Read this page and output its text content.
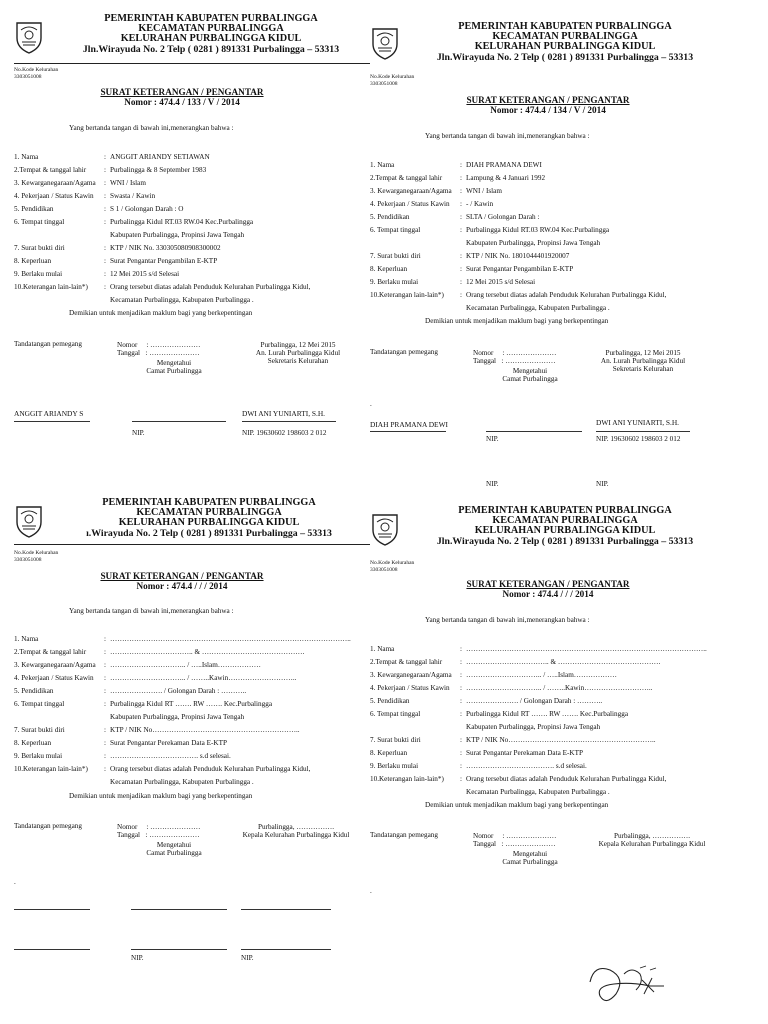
PEMERINTAH KABUPATEN PURBALINGGA
KECAMATAN PURBALINGGA
KELURAHAN PURBALINGGA KIDUL
Jln.Wirayuda No. 2 Telp ( 0281 ) 891331 Purbalingga – 53313
No.Kode Kelurahan
3303051008
SURAT KETERANGAN / PENGANTAR
Nomor : 474.4 / 133 / V / 2014
Yang bertanda tangan di bawah ini,menerangkan bahwa :
1. Nama	: ANGGIT ARIANDY SETIAWAN
2.Tempat & tanggal lahir	: Purbalingga & 8 September 1983
3. Kewarganegaraan/Agama	: WNI / Islam
4. Pekerjaan / Status Kawin	: Swasta / Kawin
5. Pendidikan	: S 1 / Golongan Darah : O
6. Tempat tinggal	: Purbalingga Kidul RT.03 RW.04 Kec.Purbalingga
Kabupaten Purbalingga, Propinsi Jawa Tengah
7. Surat bukti diri	: KTP / NIK No. 330305080908300002
8. Keperluan	: Surat Pengantar Pengambilan E-KTP
9. Berlaku mulai	: 12 Mei 2015 s/d Selesai
10.Keterangan lain-lain*)	: Orang tersebut diatas adalah Penduduk Kelurahan Purbalingga Kidul,
Kecamatan Purbalingga, Kabupaten Purbalingga .
Demikian untuk menjadikan maklum bagi yang berkepentingan
Tandatangan pemegang	Nomor     : …………………
Tanggal   : …………………
Mengetahui
Camat Purbalingga
Purbalingga, 12 Mei 2015
An. Lurah Purbalingga Kidul
Sekretaris Kelurahan
ANGGIT ARIANDY S	DWI ANI YUNIARTI, S.H.
NIP.	NIP. 19630602 198603 2 012
PEMERINTAH KABUPATEN PURBALINGGA
KECAMATAN PURBALINGGA
KELURAHAN PURBALINGGA KIDUL
Jln.Wirayuda No. 2 Telp ( 0281 ) 891331 Purbalingga – 53313
No.Kode Kelurahan
3303051008
SURAT KETERANGAN / PENGANTAR
Nomor : 474.4 / 134 / V / 2014
Yang bertanda tangan di bawah ini,menerangkan bahwa :
1. Nama	: DIAH PRAMANA DEWI
2.Tempat & tanggal lahir	: Lampung & 4 Januari 1992
3. Kewarganegaraan/Agama	: WNI / Islam
4. Pekerjaan / Status Kawin	: - / Kawin
5. Pendidikan	: SLTA / Golongan Darah :
6. Tempat tinggal	: Purbalingga Kidul RT.03 RW.04 Kec.Purbalingga
Kabupaten Purbalingga, Propinsi Jawa Tengah
7. Surat bukti diri	: KTP / NIK No. 1801044401920007
8. Keperluan	: Surat Pengantar Pengambilan E-KTP
9. Berlaku mulai	: 12 Mei 2015 s/d Selesai
10.Keterangan lain-lain*)	: Orang tersebut diatas adalah Penduduk Kelurahan Purbalingga Kidul,
Kecamatan Purbalingga, Kabupaten Purbalingga .
Demikian untuk menjadikan maklum bagi yang berkepentingan
Tandatangan pemegang	Nomor     : …………………
Tanggal   : …………………
Mengetahui
Camat Purbalingga
Purbalingga, 12 Mei 2015
An. Lurah Purbalingga Kidul
Sekretaris Kelurahan
.
DIAH PRAMANA DEWI	DWI ANI YUNIARTI, S.H.
NIP.	NIP. 19630602 198603 2 012
NIP.	NIP.
PEMERINTAH KABUPATEN PURBALINGGA
KECAMATAN PURBALINGGA
KELURAHAN PURBALINGGA KIDUL
ı.Wirayuda No. 2 Telp ( 0281 ) 891331 Purbalingga – 53313
No.Kode Kelurahan
3303051008
SURAT KETERANGAN / PENGANTAR
Nomor : 474.4 / / / 2014
Yang bertanda tangan di bawah ini,menerangkan bahwa :
1. Nama	: ………………………………………………………………………………………..
2.Tempat & tanggal lahir	: …………………………….. & …………………………………….
3. Kewarganegaraan/Agama	: ………………………….. / …..Islam………………
4. Pekerjaan / Status Kawin	: ………………………….. / ……..Kawin………………………..
5. Pendidikan	: …………………. / Golongan Darah : ………..
6. Tempat tinggal	: Purbalingga Kidul RT ……. RW ……. Kec.Purbalingga
Kabupaten Purbalingga, Propinsi Jawa Tengah
7. Surat bukti diri	: KTP / NIK No……………………………………………………..
8. Keperluan	: Surat Pengantar Perekaman Data E-KTP
9. Berlaku mulai	: ………………………………. s.d selesai.
10.Keterangan lain-lain*)	: Orang tersebut diatas adalah Penduduk Kelurahan Purbalingga Kidul,
Kecamatan Purbalingga, Kabupaten Purbalingga .
Demikian untuk menjadikan maklum bagi yang berkepentingan
Tandatangan pemegang	Nomor     : …………………
Tanggal   : …………………
Mengetahui
Camat Purbalingga
Purbalingga, …………….
Kepala Kelurahan Purbalingga Kidul
.
NIP.	NIP.
PEMERINTAH KABUPATEN PURBALINGGA
KECAMATAN PURBALINGGA
KELURAHAN PURBALINGGA KIDUL
Jln.Wirayuda No. 2 Telp ( 0281 ) 891331 Purbalingga – 53313
No.Kode Kelurahan
3303051008
SURAT KETERANGAN / PENGANTAR
Nomor : 474.4 / / / 2014
Yang bertanda tangan di bawah ini,menerangkan bahwa :
1. Nama	: ………………………………………………………………………………………..
2.Tempat & tanggal lahir	: …………………………….. & …………………………………….
3. Kewarganegaraan/Agama	: ………………………….. / …..Islam………………
4. Pekerjaan / Status Kawin	: ………………………….. / ……..Kawin………………………..
5. Pendidikan	: …………………. / Golongan Darah : ………..
6. Tempat tinggal	: Purbalingga Kidul RT ……. RW ……. Kec.Purbalingga
Kabupaten Purbalingga, Propinsi Jawa Tengah
7. Surat bukti diri	: KTP / NIK No……………………………………………………..
8. Keperluan	: Surat Pengantar Perekaman Data E-KTP
9. Berlaku mulai	: ………………………………. s.d selesai.
10.Keterangan lain-lain*)	: Orang tersebut diatas adalah Penduduk Kelurahan Purbalingga Kidul,
Kecamatan Purbalingga, Kabupaten Purbalingga .
Demikian untuk menjadikan maklum bagi yang berkepentingan
Tandatangan pemegang	Nomor     : …………………
Tanggal   : …………………
Mengetahui
Camat Purbalingga
Purbalingga, …………….
Kepala Kelurahan Purbalingga Kidul
.
